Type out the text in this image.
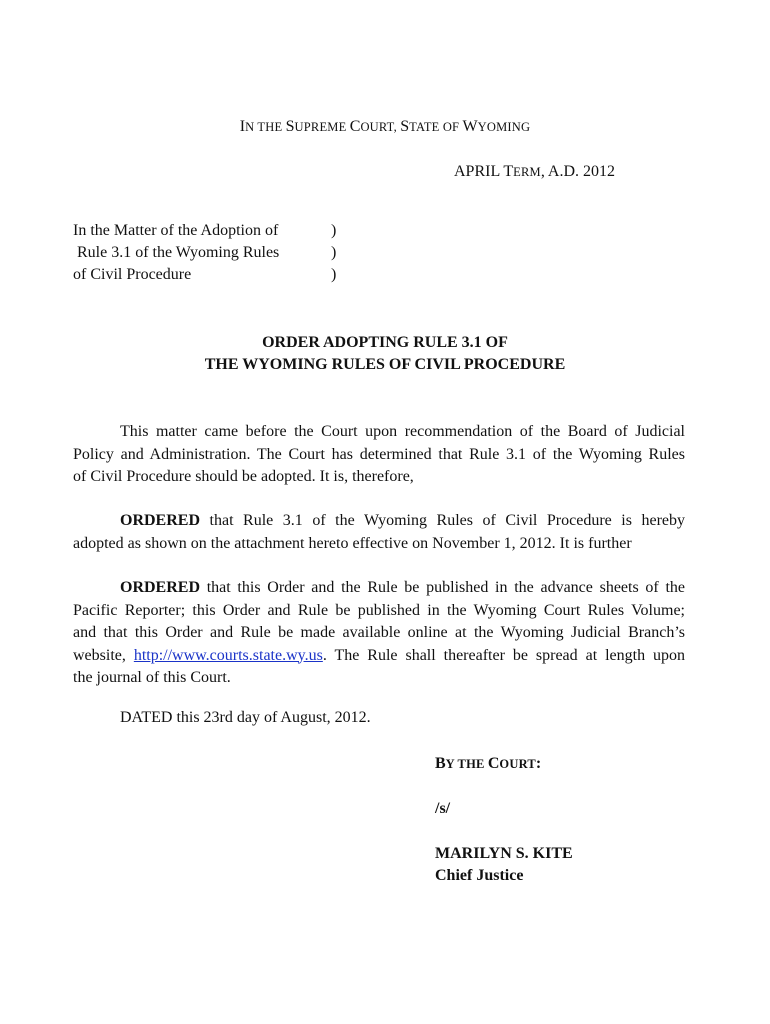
IN THE SUPREME COURT, STATE OF WYOMING
APRIL TERM, A.D. 2012
In the Matter of the Adoption of
Rule 3.1 of the Wyoming Rules
of Civil Procedure
)
)
)
ORDER ADOPTING RULE 3.1 OF
THE WYOMING RULES OF CIVIL PROCEDURE
This matter came before the Court upon recommendation of the Board of Judicial
Policy and Administration. The Court has determined that Rule 3.1 of the Wyoming Rules
of Civil Procedure should be adopted. It is, therefore,
ORDERED that Rule 3.1 of the Wyoming Rules of Civil Procedure is hereby
adopted as shown on the attachment hereto effective on November 1, 2012. It is further
ORDERED that this Order and the Rule be published in the advance sheets of the
Pacific Reporter; this Order and Rule be published in the Wyoming Court Rules Volume;
and that this Order and Rule be made available online at the Wyoming Judicial Branch’s
website, http://www.courts.state.wy.us. The Rule shall thereafter be spread at length upon
the journal of this Court.
DATED this 23rd day of August, 2012.
BY THE COURT:
/s/
MARILYN S. KITE
Chief Justice
